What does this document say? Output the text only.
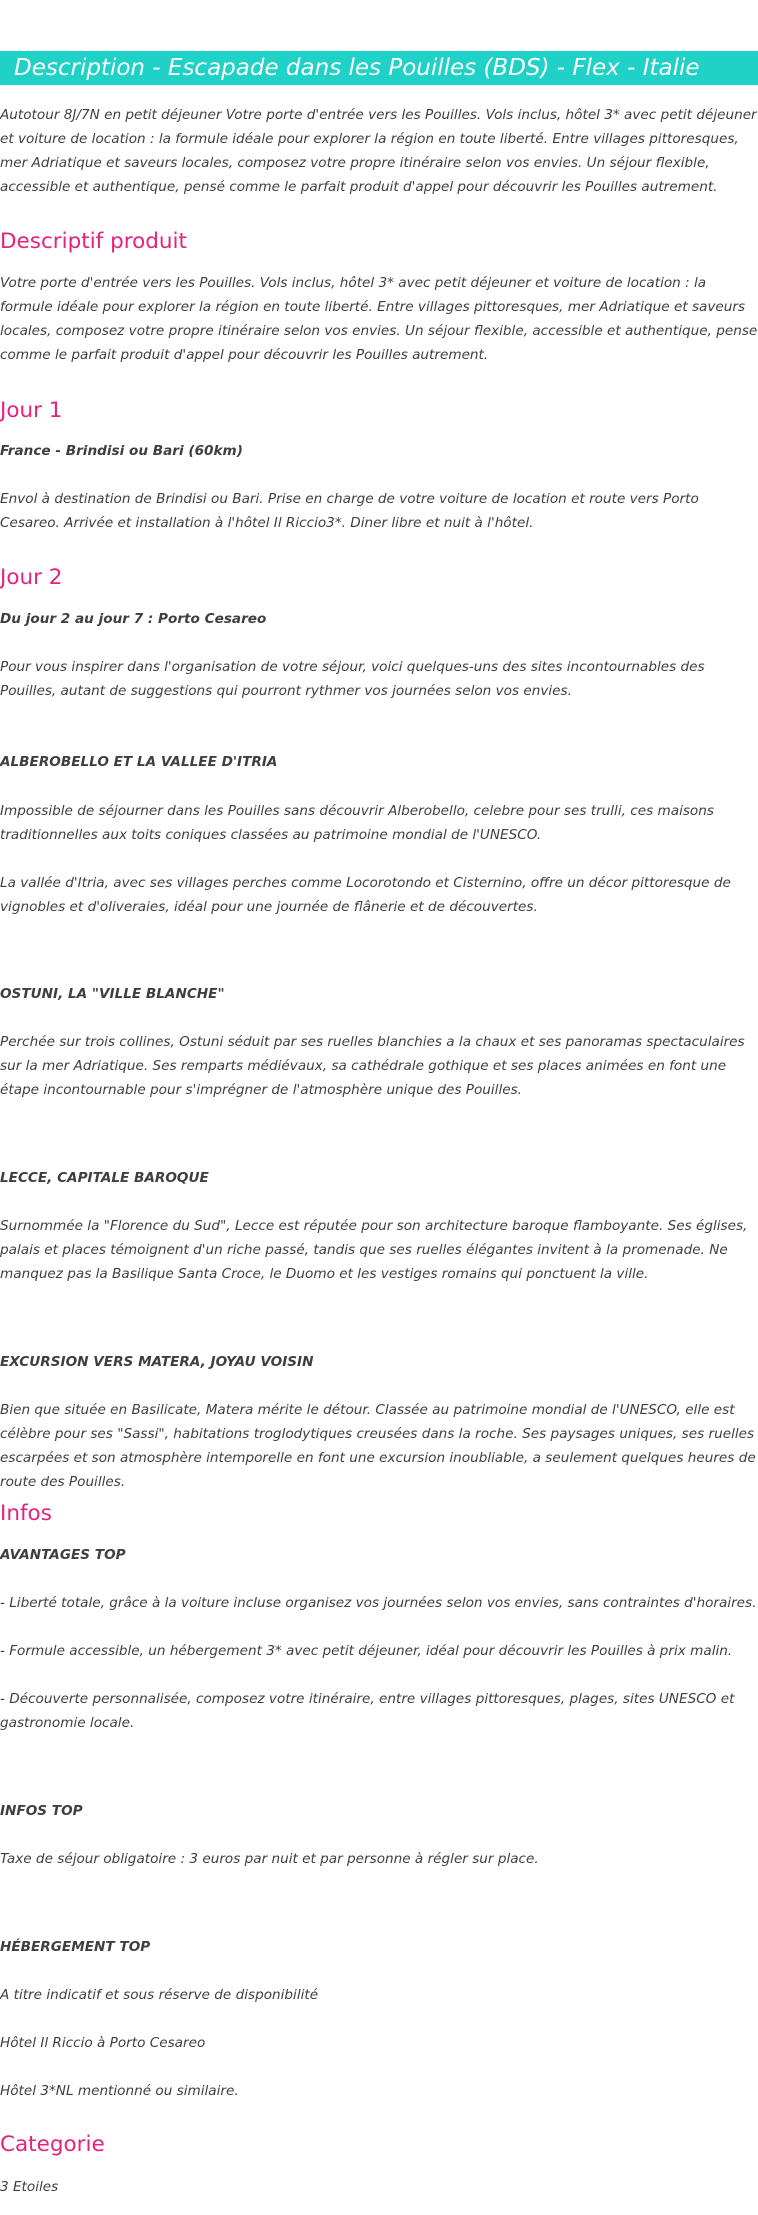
Description - Escapade dans les Pouilles (BDS) - Flex - Italie

Autotour 8J/7N en petit déjeuner Votre porte d'entrée vers les Pouilles. Vols inclus, hôtel 3* avec petit déjeuner et voiture de location : la formule idéale pour explorer la région en toute liberté. Entre villages pittoresques, mer Adriatique et saveurs locales, composez votre propre itinéraire selon vos envies. Un séjour flexible, accessible et authentique, pensé comme le parfait produit d'appel pour découvrir les Pouilles autrement.

Descriptif produit

Votre porte d'entrée vers les Pouilles. Vols inclus, hôtel 3* avec petit déjeuner et voiture de location : la formule idéale pour explorer la région en toute liberté. Entre villages pittoresques, mer Adriatique et saveurs locales, composez votre propre itinéraire selon vos envies. Un séjour flexible, accessible et authentique, pense comme le parfait produit d'appel pour découvrir les Pouilles autrement.

Jour 1

France - Brindisi ou Bari (60km)

Envol à destination de Brindisi ou Bari. Prise en charge de votre voiture de location et route vers Porto Cesareo. Arrivée et installation à l'hôtel Il Riccio3*. Diner libre et nuit à l'hôtel.

Jour 2

Du jour 2 au jour 7 : Porto Cesareo

Pour vous inspirer dans l'organisation de votre séjour, voici quelques-uns des sites incontournables des Pouilles, autant de suggestions qui pourront rythmer vos journées selon vos envies.

ALBEROBELLO ET LA VALLEE D'ITRIA

Impossible de séjourner dans les Pouilles sans découvrir Alberobello, celebre pour ses trulli, ces maisons traditionnelles aux toits coniques classées au patrimoine mondial de l'UNESCO.

La vallée d'Itria, avec ses villages perches comme Locorotondo et Cisternino, offre un décor pittoresque de vignobles et d'oliveraies, idéal pour une journée de flânerie et de découvertes.

OSTUNI, LA "VILLE BLANCHE"

Perchée sur trois collines, Ostuni séduit par ses ruelles blanchies a la chaux et ses panoramas spectaculaires sur la mer Adriatique. Ses remparts médiévaux, sa cathédrale gothique et ses places animées en font une étape incontournable pour s'imprégner de l'atmosphère unique des Pouilles.

LECCE, CAPITALE BAROQUE

Surnommée la "Florence du Sud", Lecce est réputée pour son architecture baroque flamboyante. Ses églises, palais et places témoignent d'un riche passé, tandis que ses ruelles élégantes invitent à la promenade. Ne manquez pas la Basilique Santa Croce, le Duomo et les vestiges romains qui ponctuent la ville.

EXCURSION VERS MATERA, JOYAU VOISIN

Bien que située en Basilicate, Matera mérite le détour. Classée au patrimoine mondial de l'UNESCO, elle est célèbre pour ses "Sassi", habitations troglodytiques creusées dans la roche. Ses paysages uniques, ses ruelles escarpées et son atmosphère intemporelle en font une excursion inoubliable, a seulement quelques heures de route des Pouilles.

Infos

AVANTAGES TOP

- Liberté totale, grâce à la voiture incluse organisez vos journées selon vos envies, sans contraintes d'horaires.

- Formule accessible, un hébergement 3* avec petit déjeuner, idéal pour découvrir les Pouilles à prix malin.

- Découverte personnalisée, composez votre itinéraire, entre villages pittoresques, plages, sites UNESCO et gastronomie locale.

INFOS TOP

Taxe de séjour obligatoire : 3 euros par nuit et par personne à régler sur place.

HÉBERGEMENT TOP

A titre indicatif et sous réserve de disponibilité

Hôtel Il Riccio à Porto Cesareo

Hôtel 3*NL mentionné ou similaire.

Categorie

3 Etoiles
